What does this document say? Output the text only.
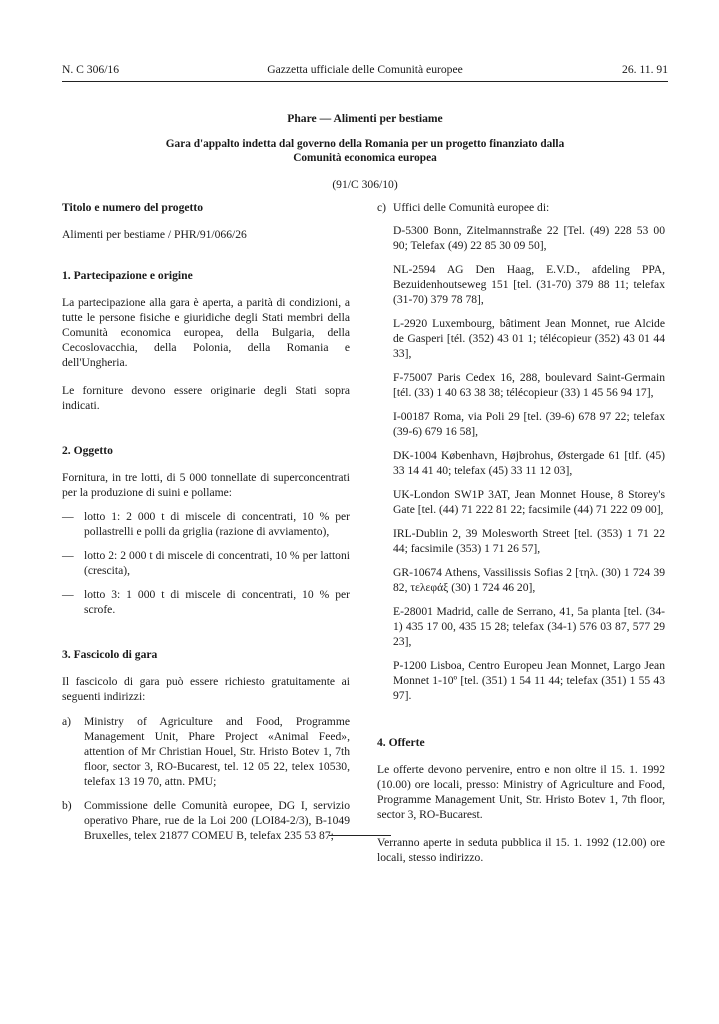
N. C 306/16	Gazzetta ufficiale delle Comunità europee	26. 11. 91

Phare — Alimenti per bestiame

Gara d'appalto indetta dal governo della Romania per un progetto finanziato dalla Comunità economica europea

(91/C 306/10)

Titolo e numero del progetto

Alimenti per bestiame / PHR/91/066/26

1. Partecipazione e origine

La partecipazione alla gara è aperta, a parità di condizioni, a tutte le persone fisiche e giuridiche degli Stati membri della Comunità economica europea, della Bulgaria, della Cecoslovacchia, della Polonia, della Romania e dell'Ungheria.

Le forniture devono essere originarie degli Stati sopra indicati.

2. Oggetto

Fornitura, in tre lotti, di 5 000 tonnellate di superconcentrati per la produzione di suini e pollame:

— lotto 1: 2 000 t di miscele di concentrati, 10 % per pollastrelli e polli da griglia (razione di avviamento),
— lotto 2: 2 000 t di miscele di concentrati, 10 % per lattoni (crescita),
— lotto 3: 1 000 t di miscele di concentrati, 10 % per scrofe.

3. Fascicolo di gara

Il fascicolo di gara può essere richiesto gratuitamente ai seguenti indirizzi:

a)	Ministry of Agriculture and Food, Programme Management Unit, Phare Project «Animal Feed», attention of Mr Christian Houel, Str. Hristo Botev 1, 7th floor, sector 3, RO-Bucarest, tel. 12 05 22, telex 10530, telefax 13 19 70, attn. PMU;
b)	Commissione delle Comunità europee, DG I, servizio operativo Phare, rue de la Loi 200 (LOI84-2/3), B-1049 Bruxelles, telex 21877 COMEU B, telefax 235 53 87;
c) Uffici delle Comunità europee di:

D-5300 Bonn, Zitelmannstraße 22 [Tel. (49) 228 53 00 90; Telefax (49) 22 85 30 09 50],

NL-2594 AG Den Haag, E.V.D., afdeling PPA, Bezuidenhoutseweg 151 [tel. (31-70) 379 88 11; telefax (31-70) 379 78 78],

L-2920 Luxembourg, bâtiment Jean Monnet, rue Alcide de Gasperi [tél. (352) 43 01 1; télécopieur (352) 43 01 44 33],

F-75007 Paris Cedex 16, 288, boulevard Saint-Germain [tél. (33) 1 40 63 38 38; télécopieur (33) 1 45 56 94 17],

I-00187 Roma, via Poli 29 [tel. (39-6) 678 97 22; telefax (39-6) 679 16 58],

DK-1004 København, Højbrohus, Østergade 61 [tlf. (45) 33 14 41 40; telefax (45) 33 11 12 03],

UK-London SW1P 3AT, Jean Monnet House, 8 Storey's Gate [tel. (44) 71 222 81 22; facsimile (44) 71 222 09 00],

IRL-Dublin 2, 39 Molesworth Street [tel. (353) 1 71 22 44; facsimile (353) 1 71 26 57],

GR-10674 Athens, Vassilissis Sofias 2 [τηλ. (30) 1 724 39 82, τελεφάξ (30) 1 724 46 20],

E-28001 Madrid, calle de Serrano, 41, 5a planta [tel. (34-1) 435 17 00, 435 15 28; telefax (34-1) 576 03 87, 577 29 23],

P-1200 Lisboa, Centro Europeu Jean Monnet, Largo Jean Monnet 1-10º [tel. (351) 1 54 11 44; telefax (351) 1 55 43 97].

4. Offerte

Le offerte devono pervenire, entro e non oltre il 15. 1. 1992 (10.00) ore locali, presso: Ministry of Agriculture and Food, Programme Management Unit, Str. Hristo Botev 1, 7th floor, sector 3, RO-Bucarest.

Verranno aperte in seduta pubblica il 15. 1. 1992 (12.00) ore locali, stesso indirizzo.
